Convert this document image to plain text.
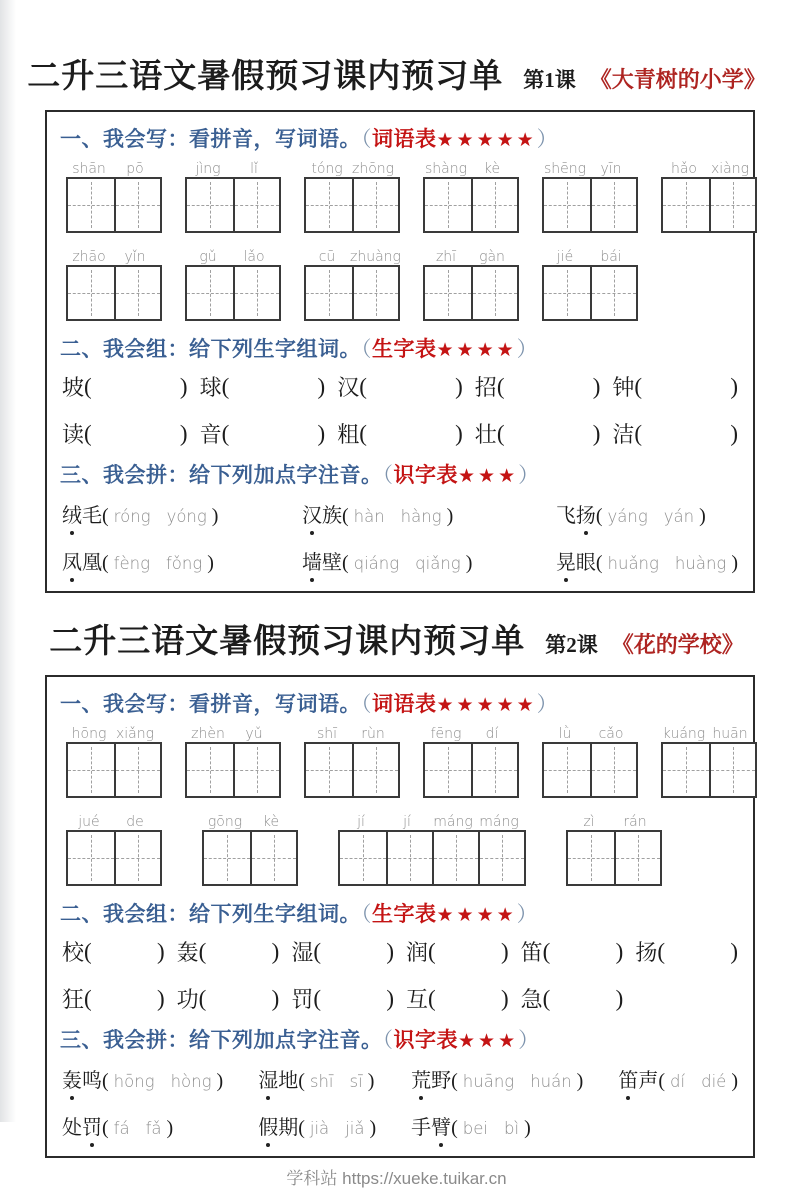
二升三语文暑假预习课内预习单 第1课 《大青树的小学》
一、我会写：看拼音，写词语。（词语表★★★★★）
shān	pō	jìng	lǐ	tóng zhōng shàng	kè	shēng	yīn	hǎo xiàng
zhāo	yǐn	gǔ	lǎo	cū	zhuàng	zhī	gàn	jié	bái
二、我会组：给下列生字组词。（生字表★★★★）
坡 (	) 球 (	) 汉 (	) 招 (	) 钟 (	)
读 (	) 音 (	) 粗 (	) 壮 (	) 洁 (	)
三、我会拼：给下列加点字注音。（识字表★★★）
绒毛 ( róng yóng )	汉族 ( hàn hàng )	飞扬 ( yáng yán )
凤凰 ( fèng fǒng )	墙壁 ( qiáng qiǎng )	晃眼 ( huǎng huàng )
二升三语文暑假预习课内预习单 第2课 《花的学校》
一、我会写：看拼音，写词语。（词语表★★★★★）
hōng xiǎng	zhèn	yǔ	shī	rùn	fēng	dí	lǜ	cǎo	kuáng huān
jué	de	gōng	kè	jí	jí	máng máng	zì	rán
二、我会组：给下列生字组词。（生字表★★★★）
校 (	) 轰 (	) 湿 (	) 润 (	) 笛 (	) 扬 (	)
狂 (	) 功 (	) 罚 (	) 互 (	) 急 (	)
三、我会拼：给下列加点字注音。（识字表★★★）
轰鸣 ( hōng hòng ) 湿地 ( shī sī ) 荒野 ( huāng huán ) 笛声 ( dí dié )
处罚 ( fá fǎ )	假期 ( jià jiǎ ) 手臂 ( bei bì )
学科站 https://xueke.tuikar.cn
